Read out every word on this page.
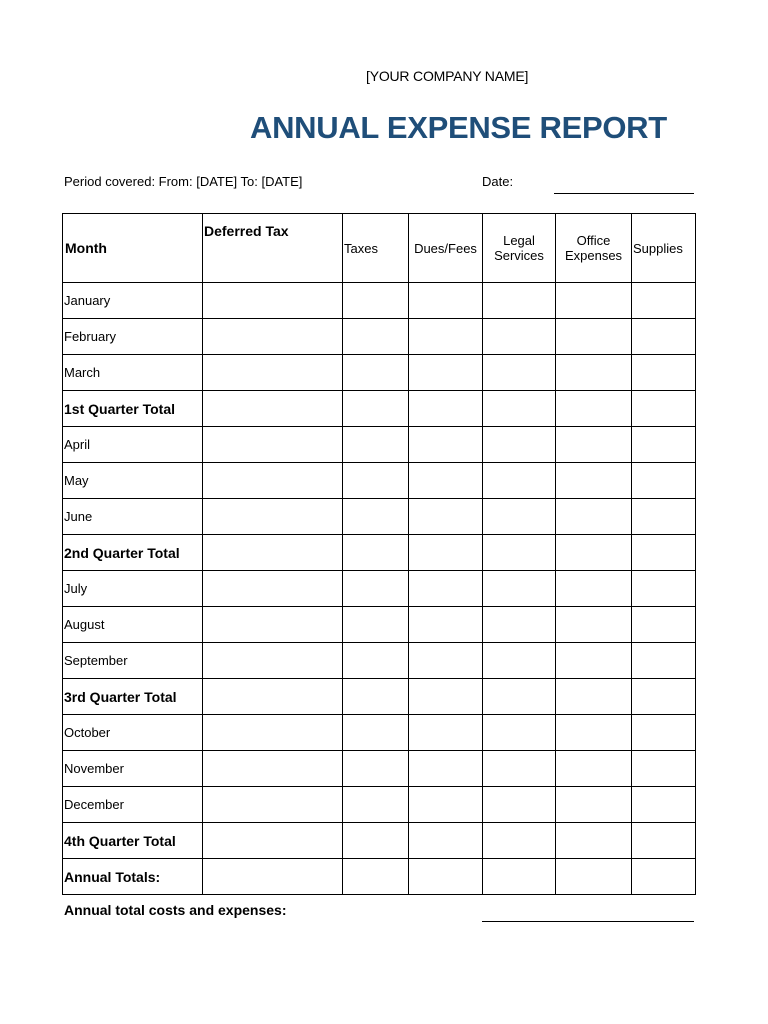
[YOUR COMPANY NAME]
ANNUAL EXPENSE REPORT
Period covered: From: [DATE] To: [DATE]	Date:
Month	Deferred Tax	Taxes	Dues/Fees	Legal Services	Office Expenses	Supplies
January						
February						
March						
1st Quarter Total						
April						
May						
June						
2nd Quarter Total						
July						
August						
September						
3rd Quarter Total						
October						
November						
December						
4th Quarter Total						
Annual Totals:						
Annual total costs and expenses:
